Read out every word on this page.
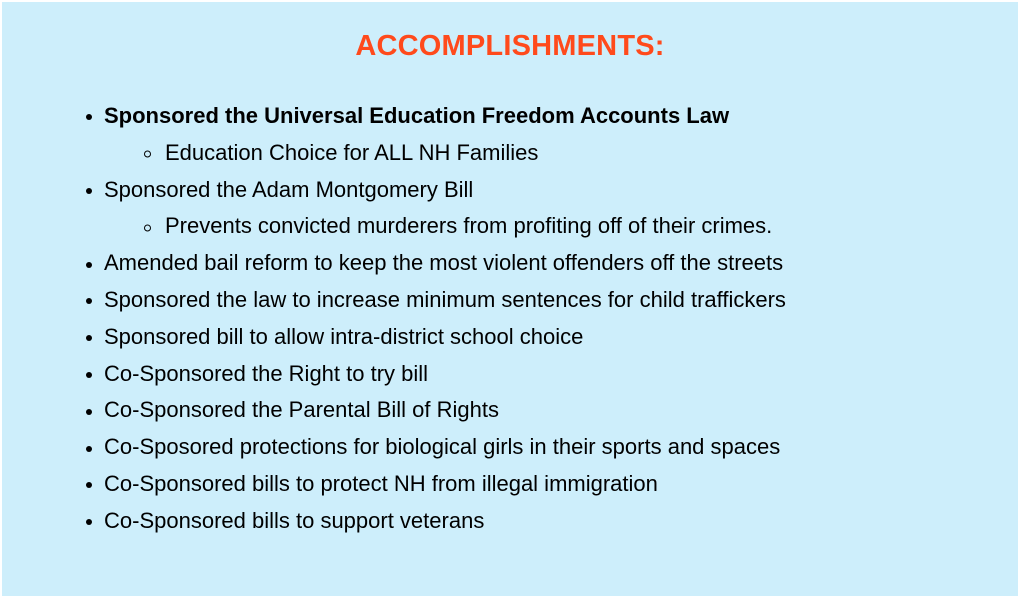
ACCOMPLISHMENTS:
Sponsored the Universal Education Freedom Accounts Law
Education Choice for ALL NH Families
Sponsored the Adam Montgomery Bill
Prevents convicted murderers from profiting off of their crimes.
Amended bail reform to keep the most violent offenders off the streets
Sponsored the law to increase minimum sentences for child traffickers
Sponsored bill to allow intra-district school choice
Co-Sponsored the Right to try bill
Co-Sponsored the Parental Bill of Rights
Co-Sposored protections for biological girls in their sports and spaces
Co-Sponsored bills to protect NH from illegal immigration
Co-Sponsored bills to support veterans
